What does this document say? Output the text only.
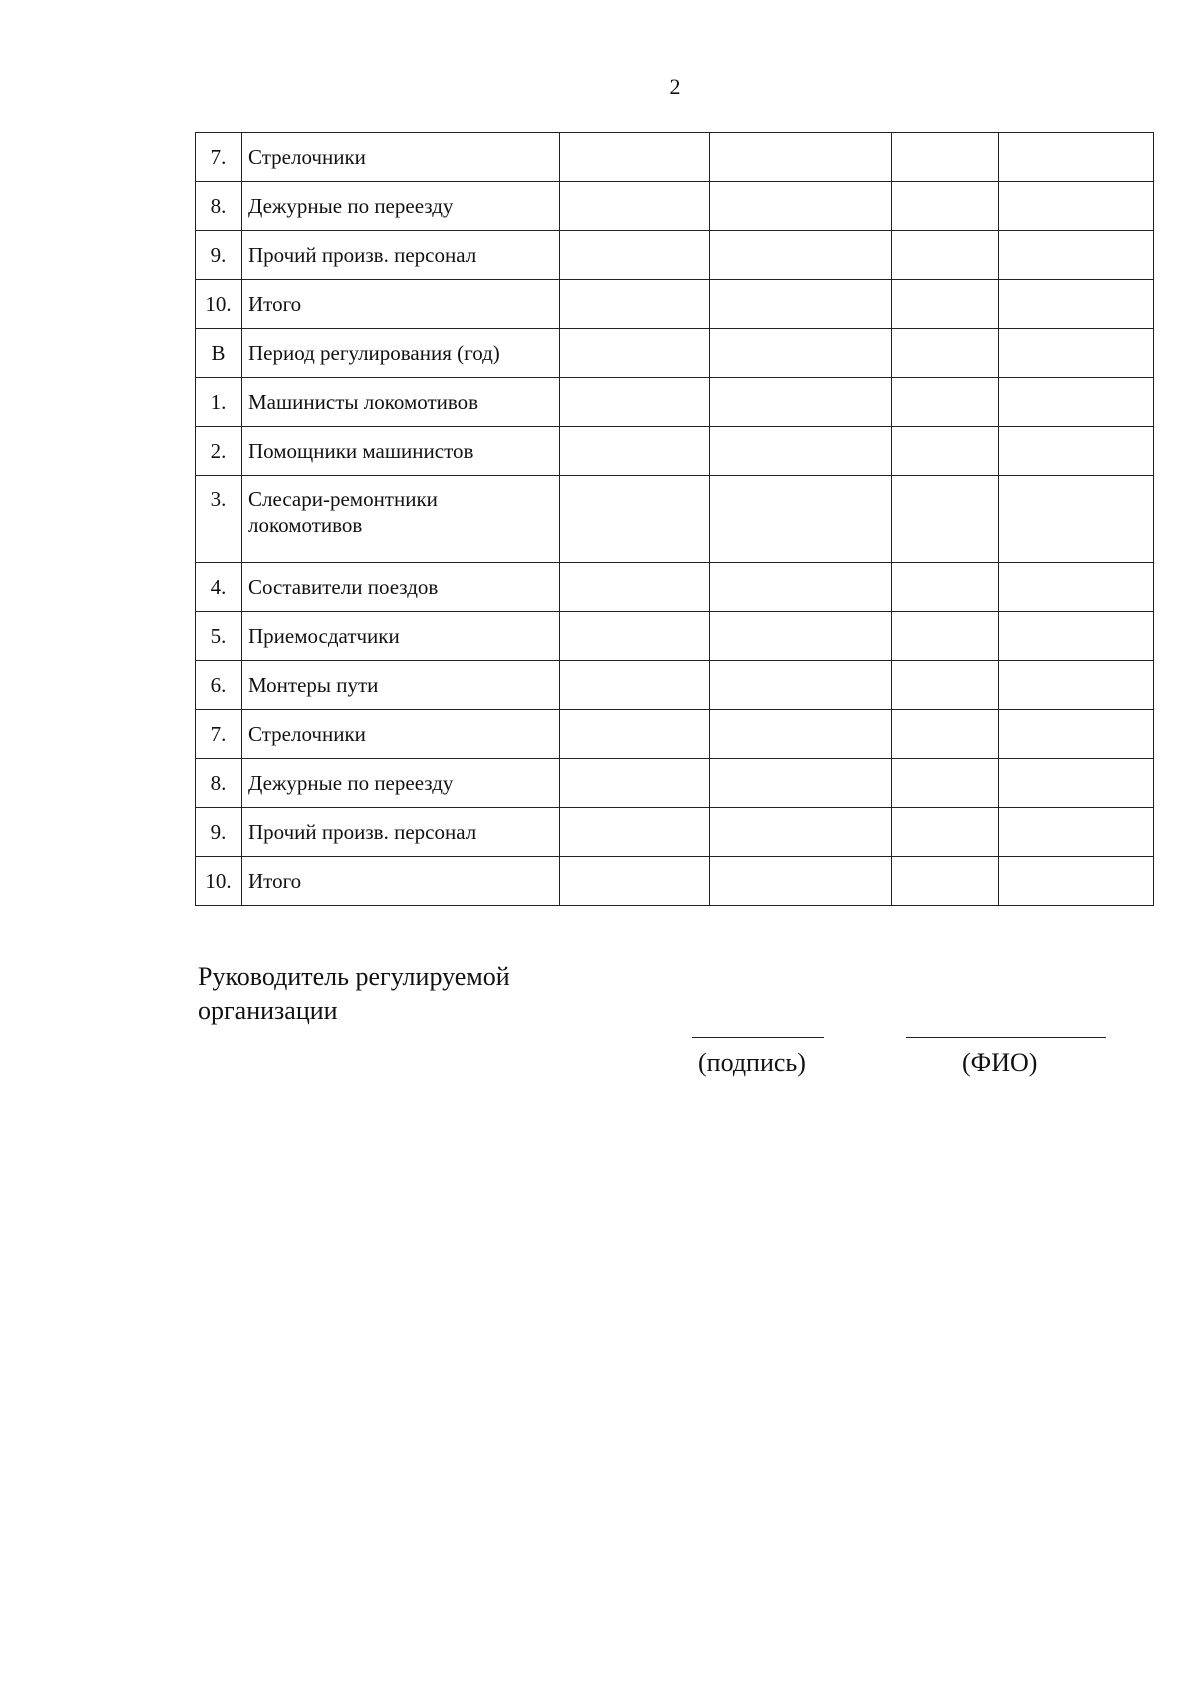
2
7.	Стрелочники				
8.	Дежурные по переезду				
9.	Прочий произв. персонал				
10.	Итого				
В	Период регулирования (год)				
1.	Машинисты локомотивов				
2.	Помощники машинистов				
3.	Слесари-ремонтники локомотивов				
4.	Составители поездов				
5.	Приемосдатчики				
6.	Монтеры пути				
7.	Стрелочники				
8.	Дежурные по переезду				
9.	Прочий произв. персонал				
10.	Итого				
Руководитель регулируемой
организации
(подпись)	(ФИО)
